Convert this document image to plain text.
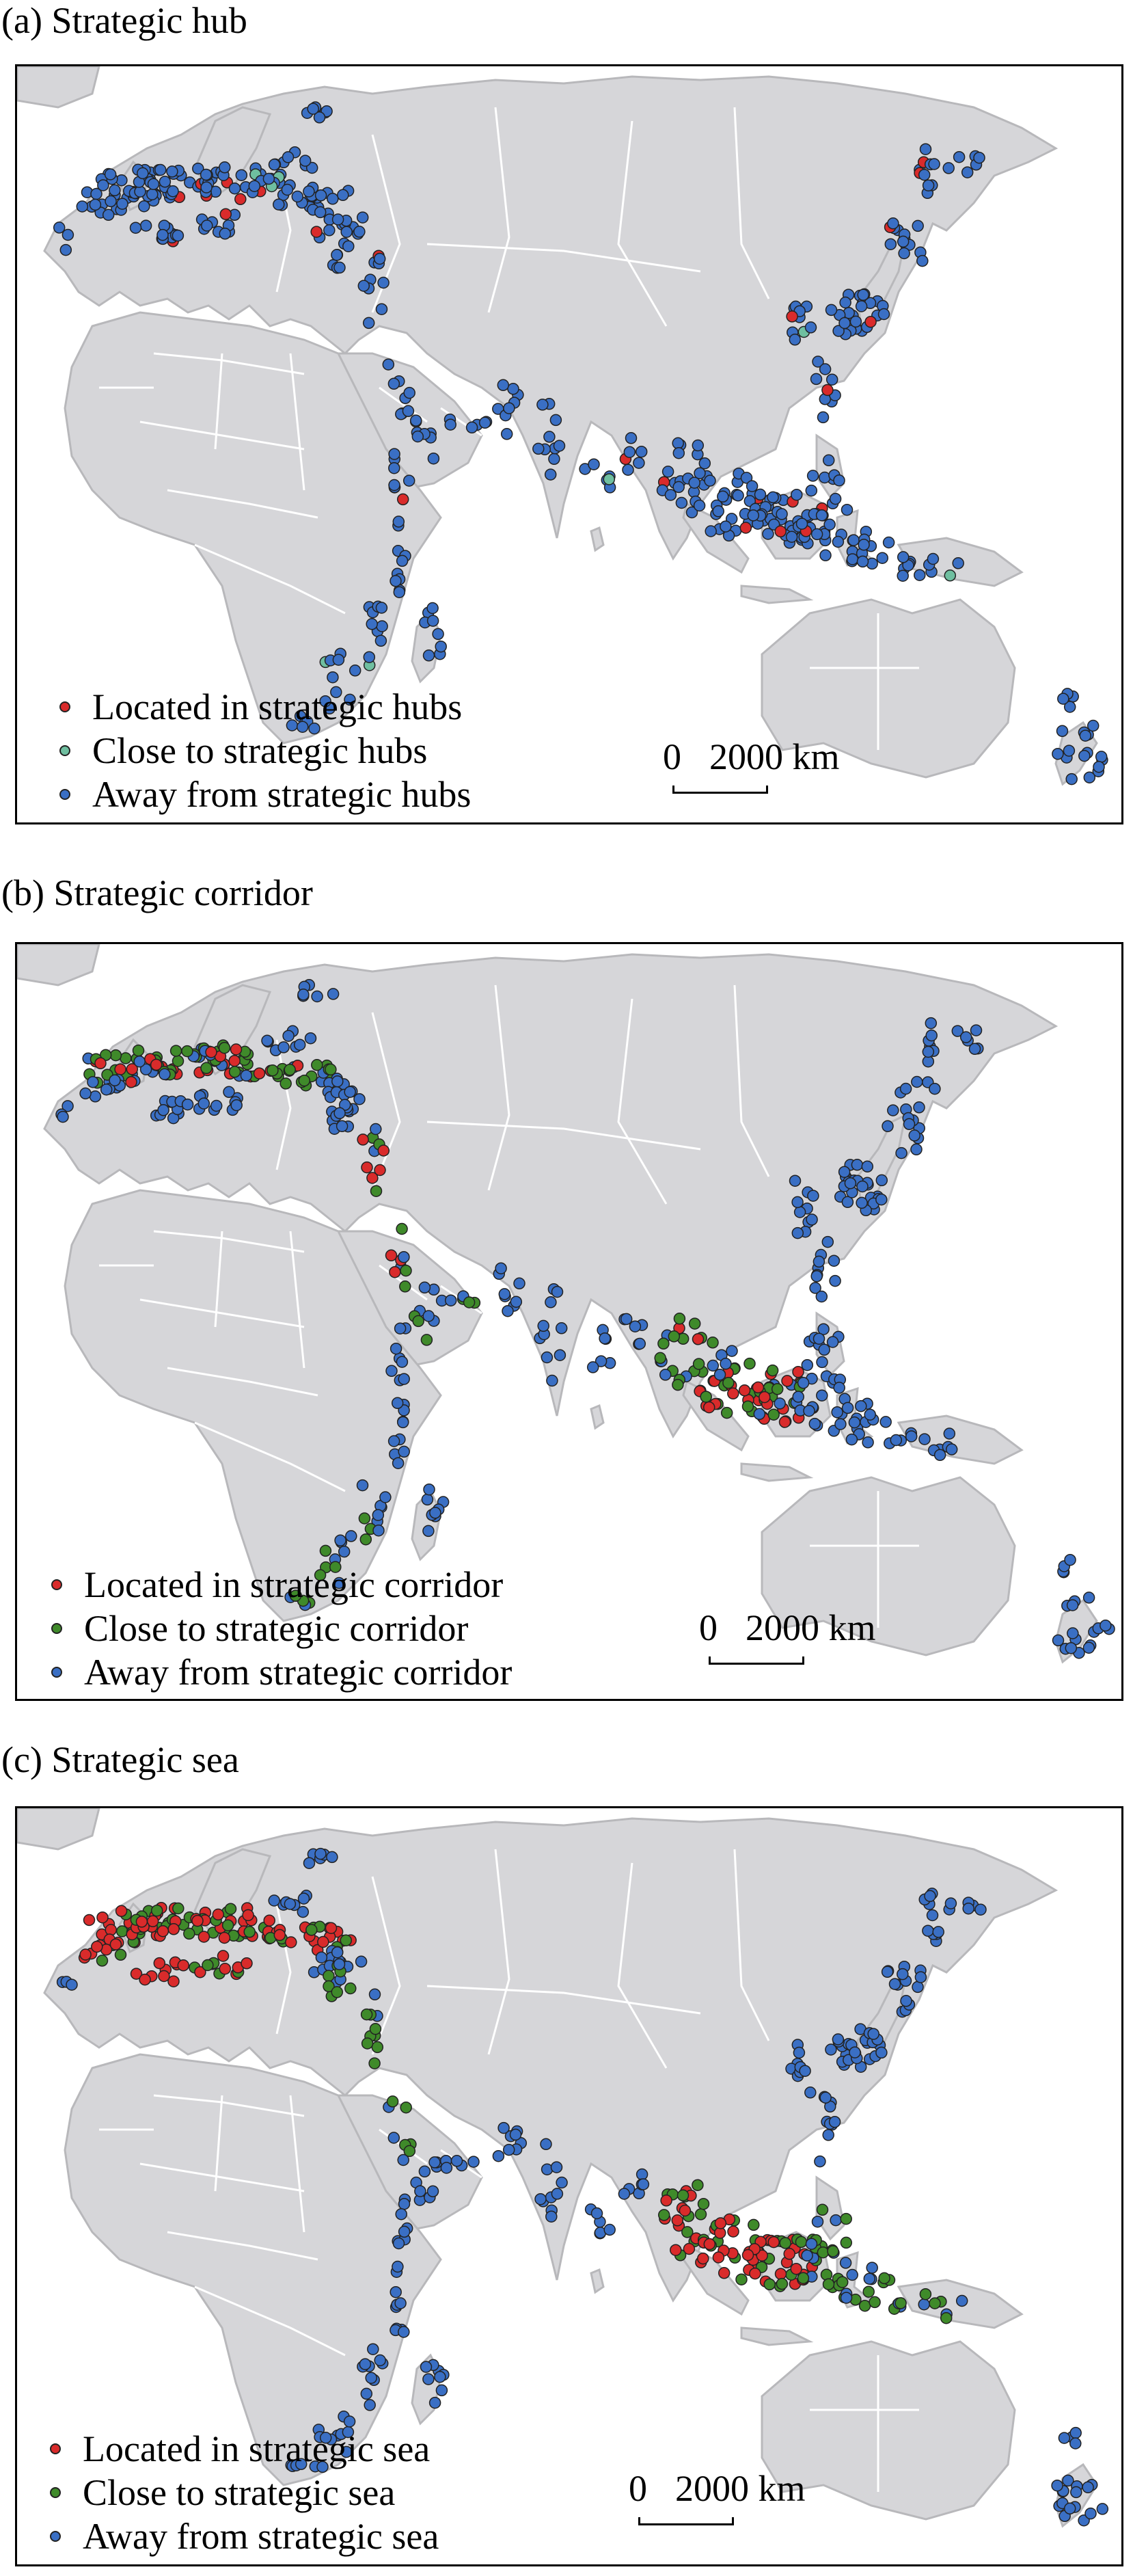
(a) Strategic hub
Located in strategic hubs
Close to strategic hubs
Away from strategic hubs
0 2000 km
(b) Strategic corridor
Located in strategic corridor
Close to strategic corridor
Away from strategic corridor
0 2000 km
(c) Strategic sea
Located in strategic sea
Close to strategic sea
Away from strategic sea
0 2000 km
